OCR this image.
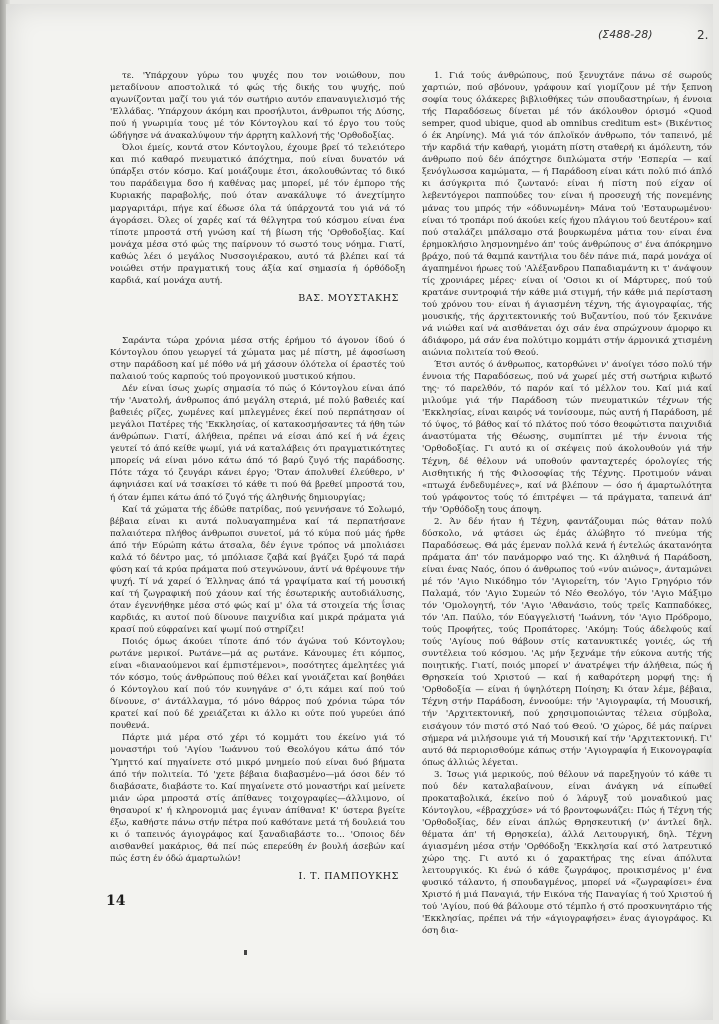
(Σ488-28)	2.

τε. 'Υπάρχουν γύρω του ψυχές που τον νοιώθουν, που μεταδίνουν αποστολικά τό φώς τής δικής του ψυχής, πού αγωνίζονται μαζί του γιά τόν σωτήριο αυτόν επαναυγιελισμό τής 'Ελλάδας. 'Υπάρχουν άκόμη και προσήλυτοι, άνθρωποι τής Δύσης, πού ή γνωριμία τους μέ τόν Κόντογλου καί τό έργο του τούς ώδήγησε νά άνακαλύψουν τήν άρρητη καλλονή τής 'Ορθοδοξίας.

Όλοι έμείς, κοντά στον Κόντογλου, έχουμε βρεί τό τελειότερο και πιό καθαρό πνευματικό άπόχτημα, πού είναι δυνατόν νά ύπάρξει στόν κόσμο. Καί μοιάζουμε έτσι, άκολουθώντας τό δικό του παράδειγμα δσο ή καθένας μας μπορεί, μέ τόν έμπορο τής Κυριακής παραβολής, πού όταν ανακάλυψε τό άνεχτίμητο μαργαριτάρι, πήγε καί έδωσε όλα τά ύπάρχοντά του γιά νά τό άγοράσει. Όλες οί χαρές καί τά θέλγητρα τού κόσμου είναι ένα τίποτε μπροστά στή γνώση καί τή βίωση τής 'Ορθοδοξίας. Καί μονάχα μέσα στό φώς της παίρνουν τό σωστό τους νόημα. Γιατί, καθώς λέει ό μεγάλος Νυσσογιέρακου, αυτό τά βλέπει καί τά νοιώθει στήν πραγματική τους άξία καί σημασία ή όρθόδοξη καρδιά, καί μονάχα αυτή.

ΒΑΣ. ΜΟΥΣΤΑΚΗΣ

Σαράντα τώρα χρόνια μέσα στής έρήμου τό άγονον ίδού ό Κόντογλου όπου γεωργεί τά χώματα μας μέ πίστη, μέ άφοσίωση στην παράδοση καί μέ πόθο νά μή χάσουν όλότελα οί έραστές τού παλαιού τούς καρπούς τού προγονικού μυστικού κήπου.

Δέν είναι ίσως χωρίς σημασία τό πώς ό Κόντογλου είναι άπό τήν 'Ανατολή, άνθρωπος άπό μεγάλη στεριά, μέ πολύ βαθειές καί βαθειές ρίζες, χωμένες καί μπλεγμένες έκεί πού περπάτησαν οί μεγάλοι Πατέρες τής 'Εκκλησίας, οί κατακοσμήσαντες τά ήθη τών άνθρώπων. Γιατί, άλήθεια, πρέπει νά είσαι άπό κεί ή νά έχεις γευτεί τό άπό κείθε ψωμί, γιά νά καταλάβεις ότι πραγματικότητες μπορείς νά είναι μόνο κάτω άπό τό βαρύ ζυγό τής παράδοσης. Πότε τάχα τό ζευγάρι κάνει έργο; 'Όταν άπολυθεί έλεύθερο, ν' άφηνιάσει καί νά τσακίσει τό κάθε τι πού θά βρεθεί μπροστά του, ή όταν έμπει κάτω άπό τό ζυγό τής άληθινής δημιουργίας;

Καί τά χώματα τής έδώθε πατρίδας, πού γεννήσανε τό Σολωμό, βέβαια είναι κι αυτά πολυαγαπημένα καί τά περπατήσανε παλαιότερα πλήθος άνθρωποι συνετοί, μά τό κύμα πού μάς ήρθε άπό τήν Εύρώπη κάτω άτσαλα, δέν έγινε τρόπος νά μπολιάσει καλά τό δέντρο μας, τό μπόλιασε ζαβά καί βγάζει ξυρό τά παρά φύση καί τά κρύα πράματα πού στεγνώνουν, άντί νά θρέψουνε τήν ψυχή. Τί νά χαρεί ό Έλληνας άπό τά γραψίματα καί τή μουσική καί τή ζωγραφική πού χάουν καί τής έσωτερικής αυτοδιάλυσης, όταν έγεννήθηκε μέσα στό φώς καί μ' όλα τά στοιχεία τής ΐσιας καρδιάς, κι αυτοί πού δίνουνε παιχνίδια καί μικρά πράματα γιά κρασί πού εύφραίνει καί ψωμί πού στηρίζει!

Ποιός όμως άκούει τίποτε άπό τόν άγώνα τού Κόντογλου; ρωτάνε μερικοί. Ρωτάνε—μά ας ρωτάνε. Κάνουμες έτι κόμπος, είναι «διαναούμενοι καί έμπιστέμενοι», ποσότητες άμελητέες γιά τόν κόσμο, τούς άνθρώπους πού θέλει καί γνοιάζεται καί βοηθάει ό Κόντογλου καί πού τόν κυνηγάνε σ' ό,τι κάμει καί πού τού δίνουνε, σ' άντάλλαγμα, τό μόνο θάρρος πού χρόνια τώρα τόν κρατεί καί πού δέ χρειάζεται κι άλλο κι ούτε πού γυρεύει άπό πουθενά.

Πάρτε μιά μέρα στό χέρι τό κομμάτι του έκείνο γιά τό μοναστήρι τού 'Αγίου 'Ιωάννου τού Θεολόγου κάτω άπό τόν Ύμηττό καί πηγαίνετε στό μικρό μνημείο πού είναι δυό βήματα άπό τήν πολιτεία. Τό 'χετε βέβαια διαβασμένο—μά όσοι δέν τό διαβάσατε, διαβάστε το. Καί πηγαίνετε στό μοναστήρι καί μείνετε μιάν ώρα μπροστά στίς άπίθανες τοιχογραφίες—άλλιμονο, οί θησαυροί κ' ή κληρονομιά μας έγιναν άπίθανα! Κ' ύστερα βγείτε έξω, καθήστε πάνω στήν πέτρα πού καθότανε μετά τή δουλειά του κι ό ταπεινός άγιογράφος καί ξαναδιαβάστε το... 'Οποιος δέν αισθανθεί μακάριος, θά πεί πώς επερεύθη έν βουλή άσεβών καί πώς έστη έν όδώ άμαρτωλών!

Ι. Τ. ΠΑΜΠΟΥΚΗΣ

1. Γιά τούς άνθρώπους, πού ξενυχτάνε πάνω σέ σωρούς χαρτιών, πού σβόνουν, γράφουν καί γιομίζουν μέ τήν ξεπνοη σοφία τους όλάκερες βιβλιοθήκες τών σπουδαστηρίων, ή έννοια τής Παραδόσεως δίνεται μέ τόν άκόλουθον όρισμό «Quod semper, quod ubique, quod ab omnibus creditum est» (Βικέντιος ό έκ Αηρίνης). Μά γιά τόν άπλοϊκόν άνθρωπο, τόν ταπεινό, μέ τήν καρδιά τήν καθαρή, γιομάτη πίστη σταθερή κι άμόλευτη, τόν άνθρωπο πού δέν άπόχτησε διπλώματα στήν 'Εσπερία — καί ξενόγλωσσα καμώματα, — ή Παράδοση είναι κάτι πολύ πιό άπλό κι άσύγκριτα πιό ζωντανό: είναι ή πίστη πού είχαν οί λεβεντόγεροι παππούδες του· είναι ή προσευχή τής πονεμένης μάνας του μπρός τήν «όδυνωμένη» Μάνα τού 'Εσταυρωμένου· είναι τό τροπάρι πού άκούει κείς ήχου πλάγιου τού δευτέρου» καί πού σταλάζει μπάλσαμο στά βουρκωμένα μάτια του· είναι ένα έρημοκλήσιο λησμονημένο άπ' τούς άνθρώπους σ' ένα άπόκρημνο βράχο, πού τά θαμπά καντήλια του δέν πάνε πιά, παρά μονάχα οί άγαπημένοι ήρωες τού 'Αλέξανδρου Παπαδιαμάντη κι τ' άνάψουν τίς χρονιάρες μέρες· είναι οί 'Οσιοι κι οί Μάρτυρες, πού τού κρατάνε συντροφιά τήν κάθε μιά στιγμή, τήν κάθε μιά περίσταση τού χρόνου του· είναι ή άγιασμένη τέχνη, τής άγιογραφίας, τής μουσικής, τής άρχιτεκτονικής τού Βυζαντίου, πού τόν ξεκινάνε νά νιώθει καί νά αισθάνεται όχι σάν ένα σπρώχνουν άμορφο κι άδιάφορο, μά σάν ένα πολύτιμο κομμάτι στήν άρμονικά χτισμένη αιώνια πολιτεία τού Θεού.

Έτσι αυτός ό άνθρωπος, κατορθώνει ν' άνοίγει τόσο πολύ τήν έννοια τής Παραδόσεως, πού νά χωρεί μές στή σωτήρια κιβωτό της· τό παρελθόν, τό παρόν καί τό μέλλον του. Καί μιά καί μιλούμε γιά τήν Παράδοση τών πνευματικών τέχνων τής 'Εκκλησίας, είναι καιρός νά τονίσουμε, πώς αυτή ή Παράδοση, μέ τό ύψος, τό βάθος καί τό πλάτος πού τόσο θεοφώτιστα παιχνιδιά άναστύματα τής Θέωσης, συμπίπτει μέ τήν έννοια τής 'Ορθοδοξίας. Γι αυτό κι οί σκέψεις πού άκολουθούν γιά τήν Τέχνη, δέ θέλουν νά υποθούν φανταχτερές όρολογίες τής Αισθητικής ή τής Φιλοσοφίας τής Τέχνης. Προτιμούν νάναι «πτωχά ένδεδυμένες», καί νά βλέπουν — όσο ή άμαρτωλότητα τού γράφοντος τούς τό έπιτρέψει — τά πράγματα, ταπεινά άπ' τήν 'Ορθόδοξη τους άποψη.

2. Άν δέν ήταν ή Τέχνη, φαντάζουμαι πώς θάταν πολύ δύσκολο, νά φτάσει ώς έμάς άλώβητο τό πνεύμα τής Παραδόσεως. Θά μάς έμεναν πολλά κενά ή έντελώς άκατανόητα πράματα άπ' τόν πανάμορφο ναό της. Κι άληθινά ή Παράδοση, είναι ένας Ναός, όπου ό άνθρωπος τού «νύν αιώνος», άνταμώνει μέ τόν 'Αγιο Νικόδημο τόν 'Αγιορείτη, τόν 'Αγιο Γρηγόριο τόν Παλαμά, τόν 'Αγιο Συμεών τό Νέο Θεολόγο, τόν 'Αγιο Μάξιμο τόν 'Ομολογητή, τόν 'Αγιο 'Αθανάσιο, τούς τρεϊς Καππαδόκες, τόν 'Απ. Παύλο, τόν Εύαγγελιστή 'Ιωάννη, τόν 'Αγιο Πρόδρομο, τούς Προφήτες, τούς Προπάτορες. 'Ακόμη: Τούς άδελφούς καί τούς 'Αγίους πού θάβουν στίς κατανυκτικές γονιές, ώς τή συντέλεια τού κόσμου. 'Ας μήν ξεχνάμε τήν εύκονα αυτής τής ποιητικής. Γιατί, ποιός μπορεί ν' άνατρέψει τήν άλήθεια, πώς ή Θρησκεία τού Χριστού — καί ή καθαρότερη μορφή της: ή 'Ορθοδοξία — είναι ή ύψηλότερη Ποίηση; Κι όταν λέμε, βέβαια, Τέχνη στήν Παράδοση, έννοούμε: τήν 'Αγιογραφία, τή Μουσική, τήν 'Αρχιτεκτονική, πού χρησιμοποιώντας τέλεια σύμβολα, εισάγουν τόν πιστό στό Ναό τού Θεού. 'Ο χώρος, δέ μάς παίρνει σήμερα νά μιλήσουμε γιά τή Μουσική καί τήν 'Αρχιτεκτονική. Γι' αυτό θά περιορισθούμε κάπως στήν 'Αγιογραφία ή Εικονογραφία όπως άλλιώς λέγεται.

3. Ίσως γιά μερικούς, πού θέλουν νά παρεξηγούν τό κάθε τι πού δέν καταλαβαίνουν, είναι άνάγκη νά είπωθεί προκαταβολικά, έκείνο πού ό λάρυγξ τού μοναδικού μας Κόντογλου, «έβραχχύσε» νά τό βροντοφωνάζει: Πώς ή Τέχνη τής 'Ορθοδοξίας, δέν είναι άπλώς Θρησκευτική (ν' άντλεί δηλ. θέματα άπ' τή Θρησκεία), άλλά Λειτουργική, δηλ. Τέχνη άγιασμένη μέσα στήν 'Ορθόδοξη 'Εκκλησία καί στό λατρευτικό χώρο της. Γι αυτό κι ό χαρακτήρας της είναι άπόλυτα λειτουργικός. Κι ένώ ό κάθε ζωγράφος, προικισμένος μ' ένα φυσικό τάλαντο, ή σπουδαγμένος, μπορεί νά «ζωγραφίσει» ένα Χριστό ή μιά Παναγιά, τήν Εικόνα τής Παναγίας ή τού Χριστού ή τού 'Αγίου, πού θά βάλουμε στό τέμπλο ή στό προσκυνητάριο τής 'Εκκλησίας, πρέπει νά τήν «άγιογραφήσει» ένας άγιογράφος. Κι όση δια-

14
